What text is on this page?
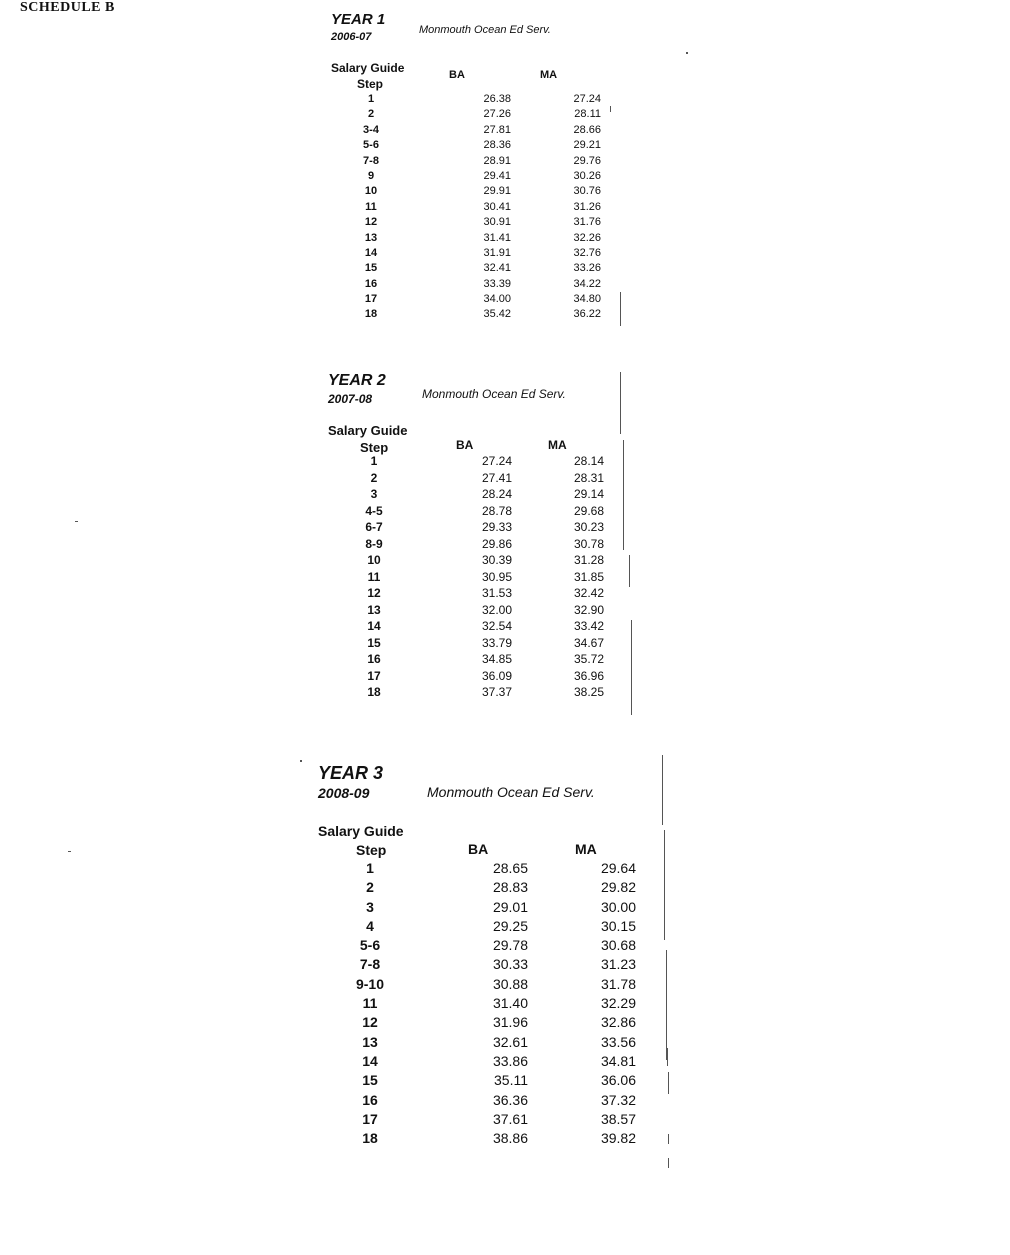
SCHEDULE B
YEAR 1
2006-07
Monmouth Ocean Ed Serv.
Salary Guide
Step
BA	MA
1	26.38	27.24
2	27.26	28.11
3-4	27.81	28.66
5-6	28.36	29.21
7-8	28.91	29.76
9	29.41	30.26
10	29.91	30.76
11	30.41	31.26
12	30.91	31.76
13	31.41	32.26
14	31.91	32.76
15	32.41	33.26
16	33.39	34.22
17	34.00	34.80
18	35.42	36.22
YEAR 2
2007-08	Monmouth Ocean Ed Serv.
Salary Guide
Step	BA	MA
1	27.24	28.14
2	27.41	28.31
3	28.24	29.14
4-5	28.78	29.68
6-7	29.33	30.23
8-9	29.86	30.78
10	30.39	31.28
11	30.95	31.85
12	31.53	32.42
13	32.00	32.90
14	32.54	33.42
15	33.79	34.67
16	34.85	35.72
17	36.09	36.96
18	37.37	38.25
YEAR 3
2008-09	Monmouth Ocean Ed Serv.
Salary Guide
Step	BA	MA
1	28.65	29.64
2	28.83	29.82
3	29.01	30.00
4	29.25	30.15
5-6	29.78	30.68
7-8	30.33	31.23
9-10	30.88	31.78
11	31.40	32.29
12	31.96	32.86
13	32.61	33.56
14	33.86	34.81
15	35.11	36.06
16	36.36	37.32
17	37.61	38.57
18	38.86	39.82
